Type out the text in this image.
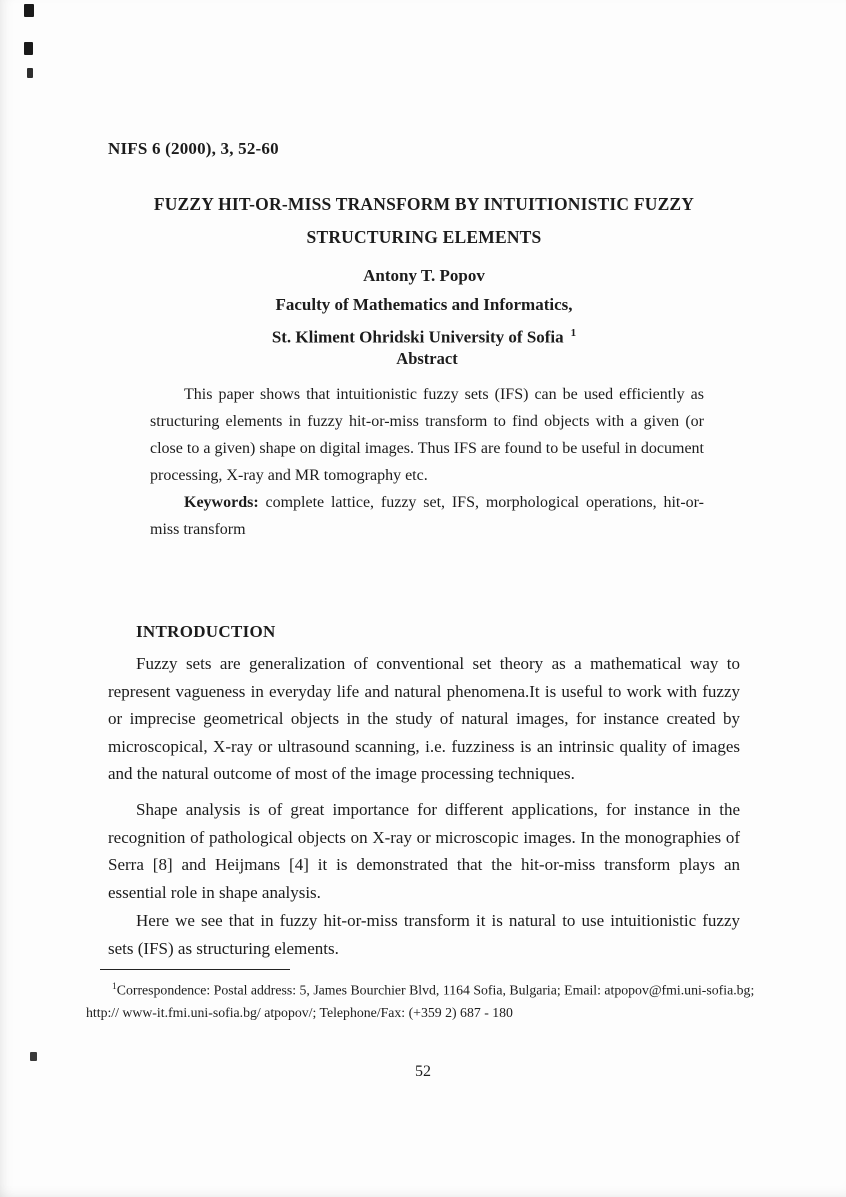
NIFS 6 (2000), 3, 52-60
FUZZY HIT-OR-MISS TRANSFORM BY INTUITIONISTIC FUZZY
STRUCTURING ELEMENTS
Antony T. Popov
Faculty of Mathematics and Informatics,
St. Kliment Ohridski University of Sofia $^1$
Abstract

This paper shows that intuitionistic fuzzy sets (IFS) can be used efficiently as structuring elements in fuzzy hit-or-miss transform to find objects with a given (or close to a given) shape on digital images. Thus IFS are found to be useful in document processing, X-ray and MR tomography etc.

Keywords: complete lattice, fuzzy set, IFS, morphological operations, hit-or-miss transform

INTRODUCTION

Fuzzy sets are generalization of conventional set theory as a mathematical way to represent vagueness in everyday life and natural phenomena.It is useful to work with fuzzy or imprecise geometrical objects in the study of natural images, for instance created by microscopical, X-ray or ultrasound scanning, i.e. fuzziness is an intrinsic quality of images and the natural outcome of most of the image processing techniques.

Shape analysis is of great importance for different applications, for instance in the recognition of pathological objects on X-ray or microscopic images. In the monographies of Serra [8] and Heijmans [4] it is demonstrated that the hit-or-miss transform plays an essential role in shape analysis.

Here we see that in fuzzy hit-or-miss transform it is natural to use intuitionistic fuzzy sets (IFS) as structuring elements.

$^1$Correspondence: Postal address: 5, James Bourchier Blvd, 1164 Sofia, Bulgaria; Email: atpopov@fmi.uni-sofia.bg;

http:// www-it.fmi.uni-sofia.bg/ atpopov/; Telephone/Fax: (+359 2) 687 - 180

52
